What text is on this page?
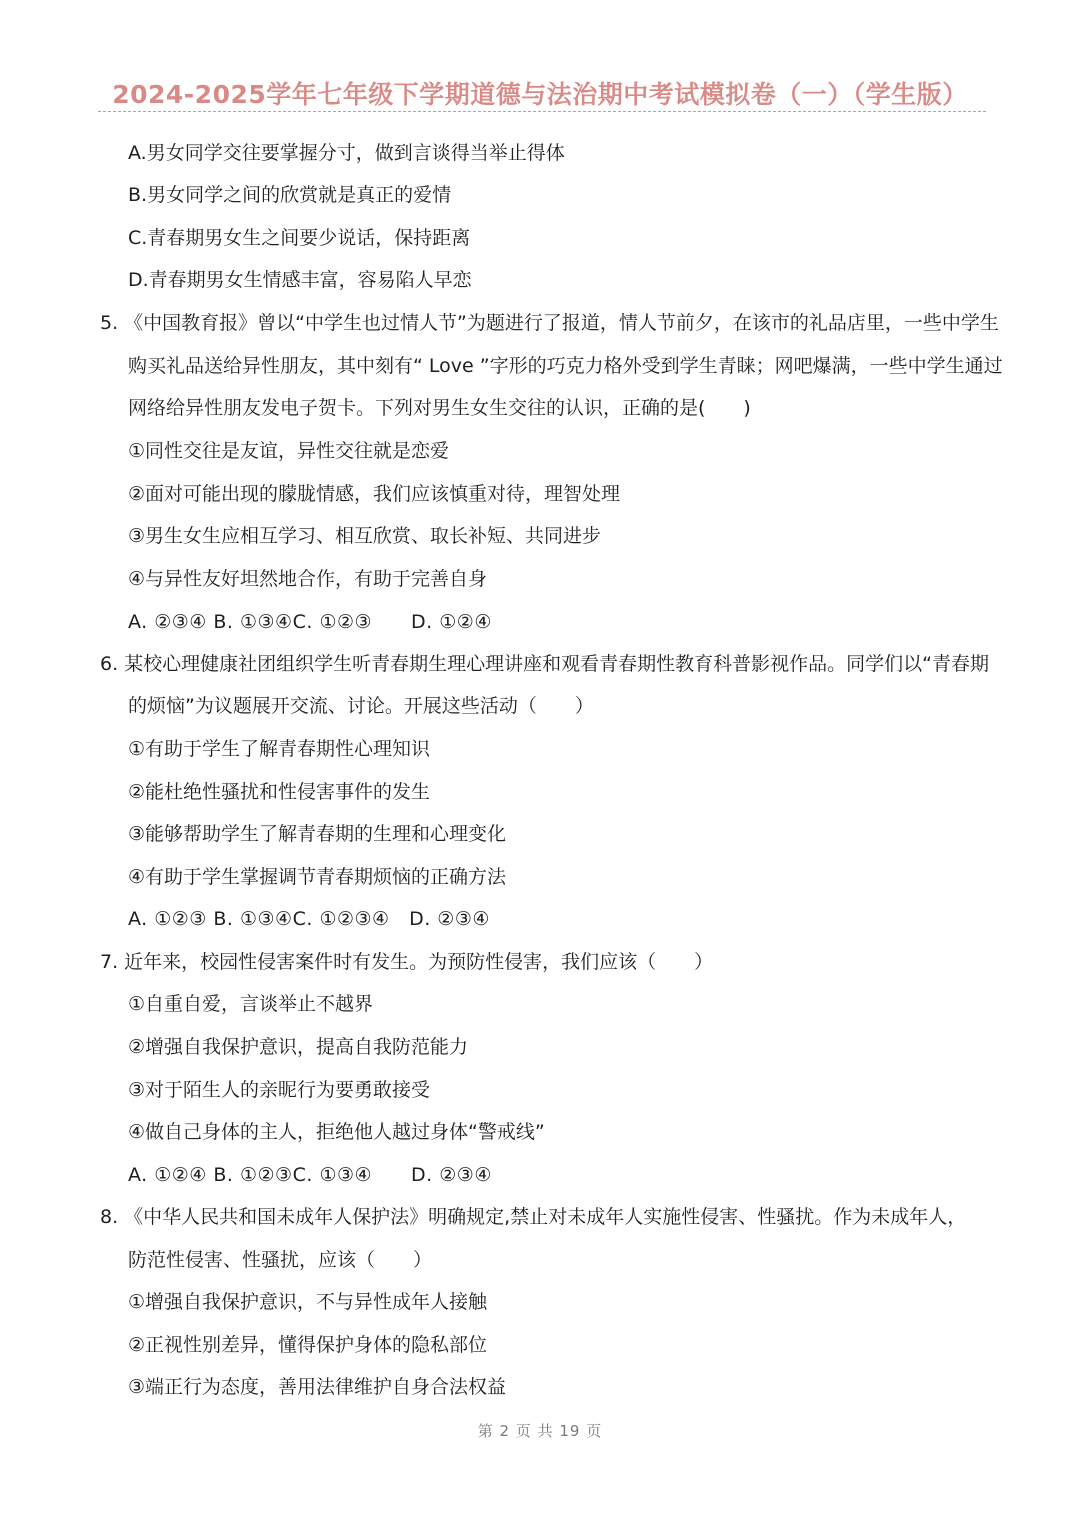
2024-2025学年七年级下学期道德与法治期中考试模拟卷（一）（学生版）
A.男女同学交往要掌握分寸，做到言谈得当举止得体
B.男女同学之间的欣赏就是真正的爱情
C.青春期男女生之间要少说话，保持距离
D.青春期男女生情感丰富，容易陷人早恋
5. 《中国教育报》曾以“中学生也过情人节”为题进行了报道，情人节前夕，在该市的礼品店里，一些中学生
购买礼品送给异性朋友，其中刻有“ Love ”字形的巧克力格外受到学生青睐；网吧爆满，一些中学生通过
网络给异性朋友发电子贺卡。下列对男生女生交往的认识，正确的是(　　)
①同性交往是友谊，异性交往就是恋爱
②面对可能出现的朦胧情感，我们应该慎重对待，理智处理
③男生女生应相互学习、相互欣赏、取长补短、共同进步
④与异性友好坦然地合作，有助于完善自身
A. ②③④ B. ①③④C. ①②③　　D. ①②④
6. 某校心理健康社团组织学生听青春期生理心理讲座和观看青春期性教育科普影视作品。同学们以“青春期
的烦恼”为议题展开交流、讨论。开展这些活动（　　）
①有助于学生了解青春期性心理知识
②能杜绝性骚扰和性侵害事件的发生
③能够帮助学生了解青春期的生理和心理变化
④有助于学生掌握调节青春期烦恼的正确方法
A. ①②③ B. ①③④C. ①②③④　D. ②③④
7. 近年来，校园性侵害案件时有发生。为预防性侵害，我们应该（　　）
①自重自爱，言谈举止不越界
②增强自我保护意识，提高自我防范能力
③对于陌生人的亲昵行为要勇敢接受
④做自己身体的主人，拒绝他人越过身体“警戒线”
A. ①②④ B. ①②③C. ①③④　　D. ②③④
8. 《中华人民共和国未成年人保护法》明确规定,禁止对未成年人实施性侵害、性骚扰。作为未成年人，
防范性侵害、性骚扰，应该（　　）
①增强自我保护意识，不与异性成年人接触
②正视性别差异，懂得保护身体的隐私部位
③端正行为态度，善用法律维护自身合法权益
第 2 页 共 19 页
